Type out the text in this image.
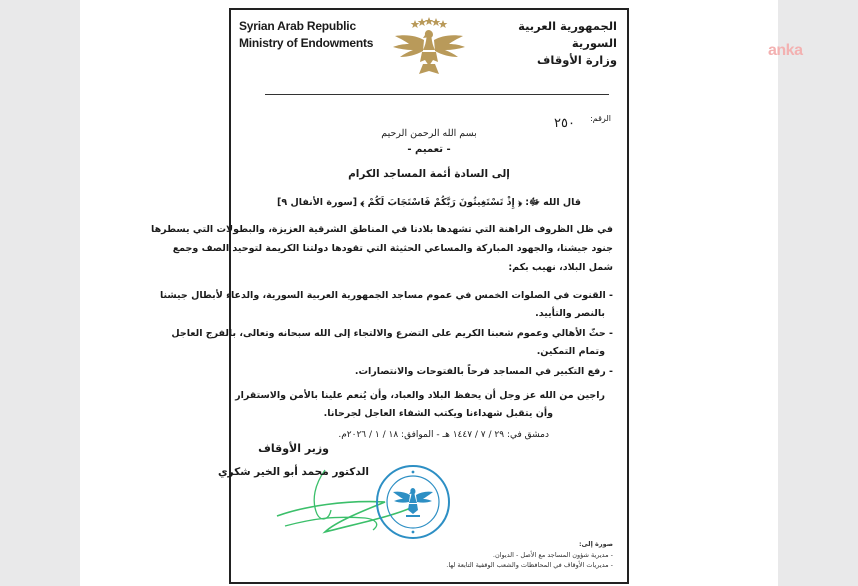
anka
Syrian Arab Republic
Ministry of Endowments
الجمهورية العربية السورية
وزارة الأوقاف
الرقم:
٢٥٠
بسم الله الرحمن الرحيم
- تعميم -
إلى السادة أئمة المساجد الكرام
قال الله ﷻ: ﴿ إِذْ تَسْتَغِيثُونَ رَبَّكُمْ فَاسْتَجَابَ لَكُمْ ﴾ [سورة الأنفال ٩]
في ظل الظروف الراهنة التي تشهدها بلادنا في المناطق الشرقية العزيزة، والبطولات التي يسطرها
جنود جيشنا، والجهود المباركة والمساعي الحثيثة التي تقودها دولتنا الكريمة لتوحيد الصف وجمع
شمل البلاد، نهيب بكم:
- القنوت في الصلوات الخمس في عموم مساجد الجمهورية العربية السورية، والدعاء لأبطال جيشنا
بالنصر والتأييد.
- حثّ الأهالي وعموم شعبنا الكريم على التضرع والالتجاء إلى الله سبحانه وتعالى، بالفرج العاجل
وتمام التمكين.
- رفع التكبير في المساجد فرحاً بالفتوحات والانتصارات.
راجين من الله عز وجل أن يحفظ البلاد والعباد، وأن يُنعم علينا بالأمن والاستقرار
وأن يتقبل شهداءنا ويكتب الشفاء العاجل لجرحانا.
دمشق في: ٢٩ / ٧ / ١٤٤٧ هـ - الموافق: ١٨ / ١ / ٢٠٢٦م.
وزير الأوقاف
الدكتور محمد أبو الخير شكري
صورة إلى:
- مديرية شؤون المساجد مع الأصل - الديوان.
- مديريات الأوقاف في المحافظات والشعب الوقفية التابعة لها.
